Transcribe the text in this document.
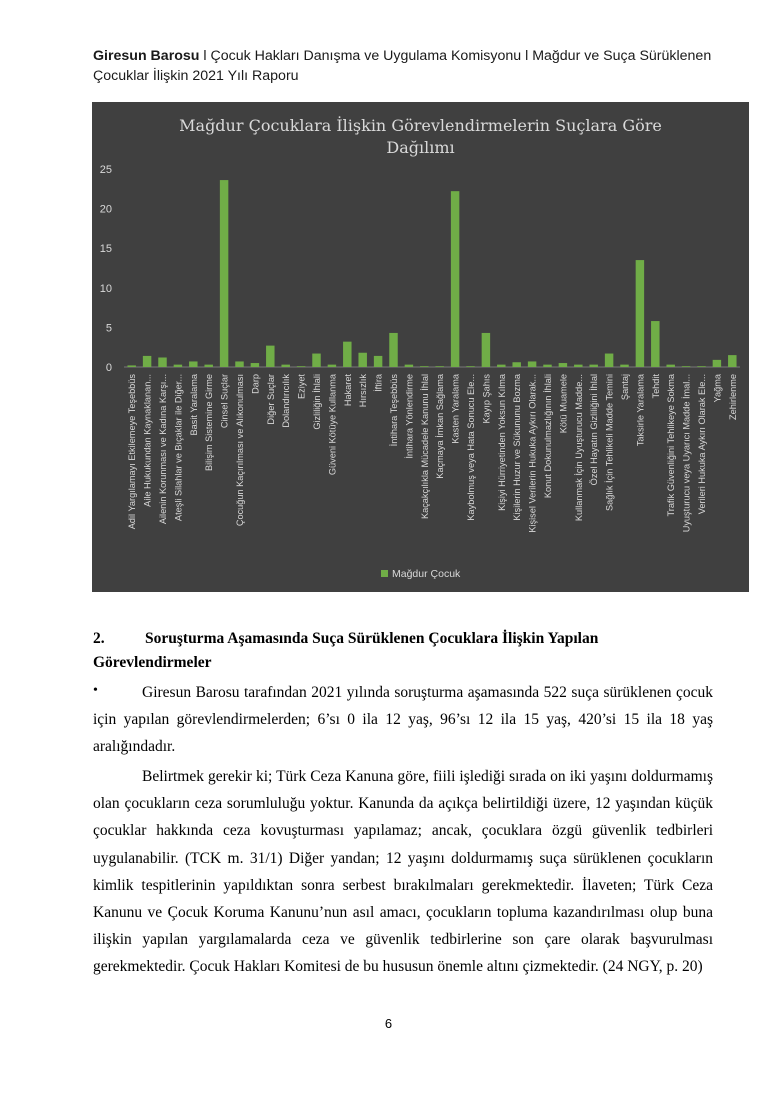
Giresun Barosu l Çocuk Hakları Danışma ve Uygulama Komisyonu l Mağdur ve Suça Sürüklenen Çocuklar İlişkin 2021 Yılı Raporu
Mağdur Çocuklara İlişkin Görevlendirmelerin Suçlara Göre
Dağılımı
0
5
10
15
20
25
Adil Yargılamayı Etkilemeye Teşebbüs Aile Hukukundan Kaynaklanan... Ailenin Korunması ve Kadına Karşı... Ateşli Silahlar ve Bıçaklar ile Diğer... Basit Yaralama Bilişim Sistemine Girme Cinsel Suçlar Çocuğun Kaçırılması ve Alıkonulması Darp Diğer Suçlar Dolandırıcılık Eziyet Gizliliğin İhlali Güveni Kötüye Kullanma Hakaret Hırsızlık İftira İntihara Teşebbüs İntihara Yönlendirme Kaçakçılıkla Mücadele Kanunu İhlal Kaçmaya İmkan Sağlama Kasten Yaralama Kaybolmuş veya Hata Sonucu Ele... Kayıp Şahıs Kişiyi Hürriyetinden Yoksun Kılma Kişilerin Huzur ve Sükununu Bozma Kişisel Verilerin Hukuka Aykırı Olarak... Konut Dokunulmazlığının İhlali Kötü Muamele Kullanmak İçin Uyuşturucu Madde... Özel Hayatın Gizliliğini İhlal Sağlık İçin Tehlikeli Madde Temini Şantaj Taksirle Yaralama Tehdit Trafik Güvenliğini Tehlikeye Sokma Uyuşturucu veya Uyarıcı Madde İmal... Verileri Hukuka Aykırı Olarak Ele... Yağma Zehirlenme
Mağdur Çocuk
2.	Soruşturma Aşamasında Suça Sürüklenen Çocuklara İlişkin Yapılan Görevlendirmeler
•	Giresun Barosu tarafından 2021 yılında soruşturma aşamasında 522 suça sürüklenen çocuk için yapılan görevlendirmelerden; 6’sı 0 ila 12 yaş, 96’sı 12 ila 15 yaş, 420’si 15 ila 18 yaş aralığındadır.
Belirtmek gerekir ki; Türk Ceza Kanuna göre, fiili işlediği sırada on iki yaşını doldurmamış olan çocukların ceza sorumluluğu yoktur. Kanunda da açıkça belirtildiği üzere, 12 yaşından küçük çocuklar hakkında ceza kovuşturması yapılamaz; ancak, çocuklara özgü güvenlik tedbirleri uygulanabilir. (TCK m. 31/1) Diğer yandan; 12 yaşını doldurmamış suça sürüklenen çocukların kimlik tespitlerinin yapıldıktan sonra serbest bırakılmaları gerekmektedir. İlaveten; Türk Ceza Kanunu ve Çocuk Koruma Kanunu’nun asıl amacı, çocukların topluma kazandırılması olup buna ilişkin yapılan yargılamalarda ceza ve güvenlik tedbirlerine son çare olarak başvurulması gerekmektedir. Çocuk Hakları Komitesi de bu hususun önemle altını çizmektedir. (24 NGY, p. 20)
6
